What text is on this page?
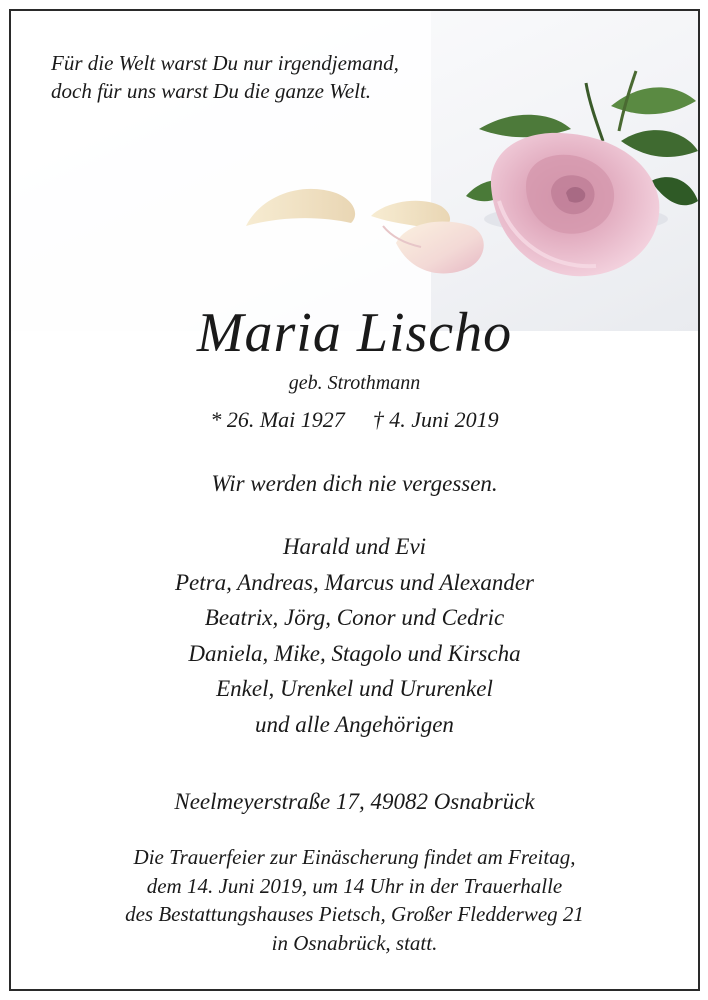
Für die Welt warst Du nur irgendjemand,
doch für uns warst Du die ganze Welt.
Maria Lischo
geb. Strothmann
* 26. Mai 1927 † 4. Juni 2019
Wir werden dich nie vergessen.
Harald und Evi
Petra, Andreas, Marcus und Alexander
Beatrix, Jörg, Conor und Cedric
Daniela, Mike, Stagolo und Kirscha
Enkel, Urenkel und Ururenkel
und alle Angehörigen
Neelmeyerstraße 17, 49082 Osnabrück
Die Trauerfeier zur Einäscherung findet am Freitag,
dem 14. Juni 2019, um 14 Uhr in der Trauerhalle
des Bestattungshauses Pietsch, Großer Fledderweg 21
in Osnabrück, statt.
